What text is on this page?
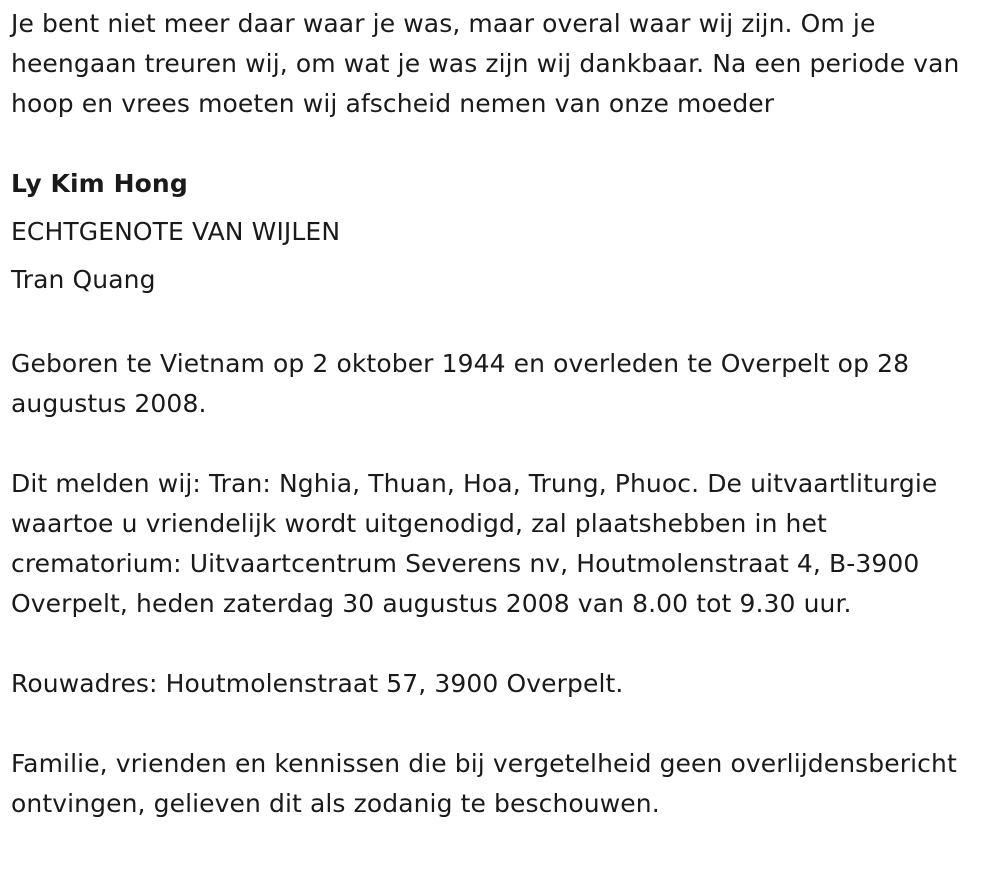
Je bent niet meer daar waar je was, maar overal waar wij zijn. Om je heengaan treuren wij, om wat je was zijn wij dankbaar. Na een periode van hoop en vrees moeten wij afscheid nemen van onze moeder

Ly Kim Hong
ECHTGENOTE VAN WIJLEN
Tran Quang

Geboren te Vietnam op 2 oktober 1944 en overleden te Overpelt op 28 augustus 2008.

Dit melden wij: Tran: Nghia, Thuan, Hoa, Trung, Phuoc. De uitvaartliturgie waartoe u vriendelijk wordt uitgenodigd, zal plaatshebben in het crematorium: Uitvaartcentrum Severens nv, Houtmolenstraat 4, B-3900 Overpelt, heden zaterdag 30 augustus 2008 van 8.00 tot 9.30 uur.

Rouwadres: Houtmolenstraat 57, 3900 Overpelt.

Familie, vrienden en kennissen die bij vergetelheid geen overlijdensbericht ontvingen, gelieven dit als zodanig te beschouwen.
